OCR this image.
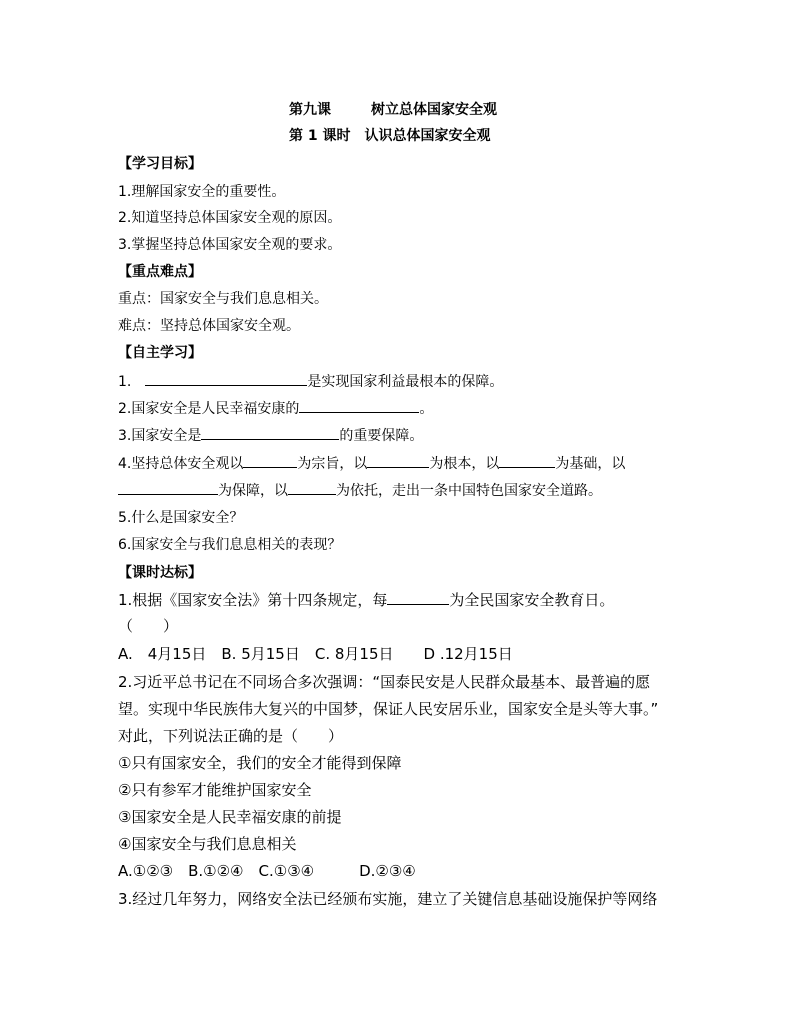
第九课	树立总体国家安全观
第 1 课时 认识总体国家安全观
【学习目标】
1.理解国家安全的重要性。
2.知道坚持总体国家安全观的原因。
3.掌握坚持总体国家安全观的要求。
【重点难点】
重点：国家安全与我们息息相关。
难点：坚持总体国家安全观。
【自主学习】
1.	是实现国家利益最根本的保障。
2.国家安全是人民幸福安康的	。
3.国家安全是	的重要保障。
4.坚持总体安全观以	为宗旨，以	为根本，以	为基础，以
为保障，以	为依托，走出一条中国特色国家安全道路。
5.什么是国家安全？
6.国家安全与我们息息相关的表现？
【课时达标】
1.根据《国家安全法》第十四条规定，每	为全民国家安全教育日。
（　　）
A.　4月15日　B. 5月15日　C. 8月15日　　D .12月15日
2.习近平总书记在不同场合多次强调：“国泰民安是人民群众最基本、最普遍的愿
望。实现中华民族伟大复兴的中国梦，保证人民安居乐业，国家安全是头等大事。”
对此，下列说法正确的是（　　）
①只有国家安全，我们的安全才能得到保障
②只有参军才能维护国家安全
③国家安全是人民幸福安康的前提
④国家安全与我们息息相关
A.①②③　B.①②④　C.①③④　　　D.②③④
3.经过几年努力，网络安全法已经颁布实施，建立了关键信息基础设施保护等网络
